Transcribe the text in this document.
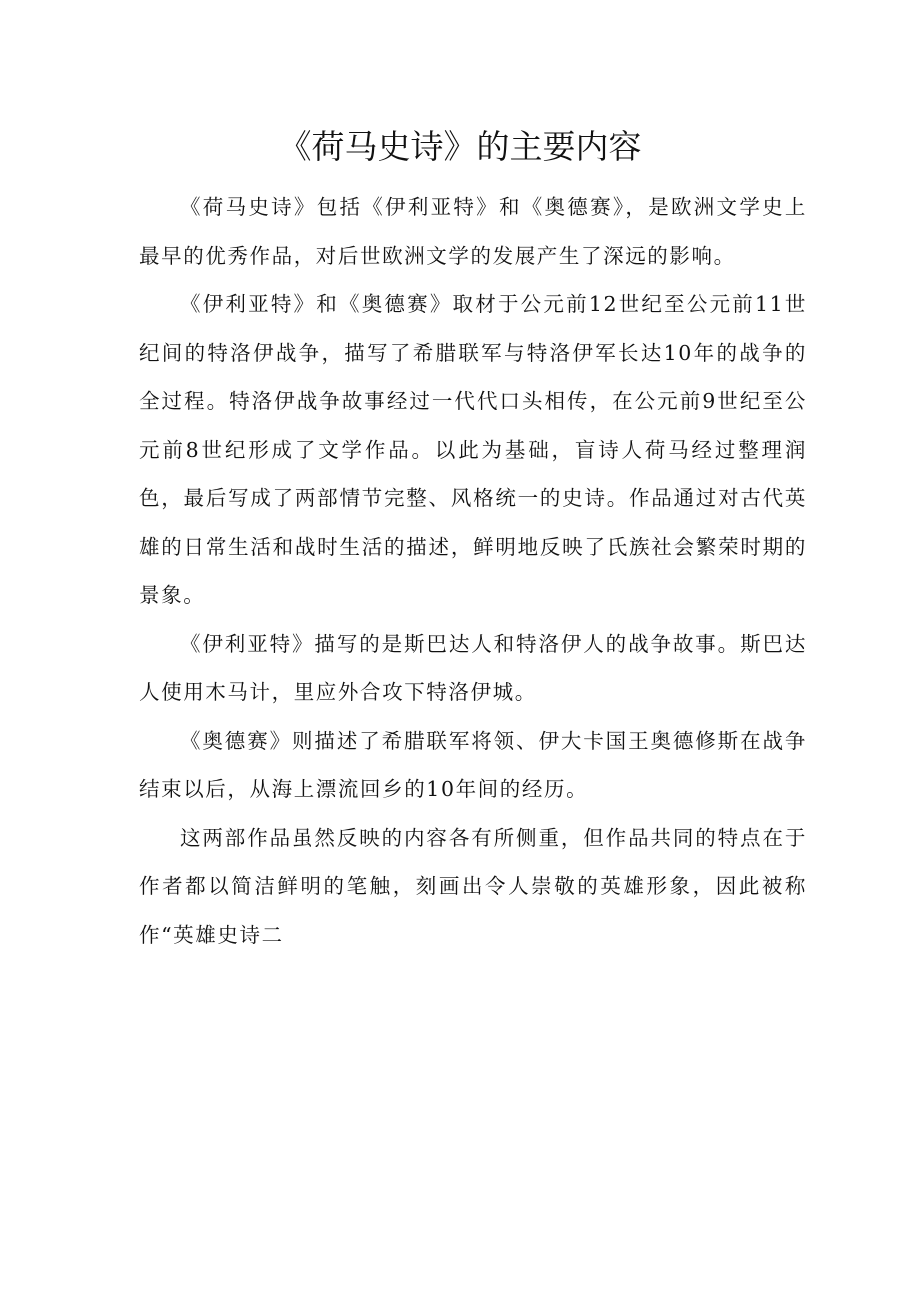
《荷马史诗》的主要内容

《荷马史诗》包括《伊利亚特》和《奥德赛》，是欧洲文学史上最早的优秀作品，对后世欧洲文学的发展产生了深远的影响。

《伊利亚特》和《奥德赛》取材于公元前12世纪至公元前11世纪间的特洛伊战争，描写了希腊联军与特洛伊军长达10年的战争的全过程。特洛伊战争故事经过一代代口头相传，在公元前9世纪至公元前8世纪形成了文学作品。以此为基础，盲诗人荷马经过整理润色，最后写成了两部情节完整、风格统一的史诗。作品通过对古代英雄的日常生活和战时生活的描述，鲜明地反映了氏族社会繁荣时期的景象。

《伊利亚特》描写的是斯巴达人和特洛伊人的战争故事。斯巴达人使用木马计，里应外合攻下特洛伊城。

《奥德赛》则描述了希腊联军将领、伊大卡国王奥德修斯在战争结束以后，从海上漂流回乡的10年间的经历。

这两部作品虽然反映的内容各有所侧重，但作品共同的特点在于作者都以简洁鲜明的笔触，刻画出令人崇敬的英雄形象，因此被称作“英雄史诗二
